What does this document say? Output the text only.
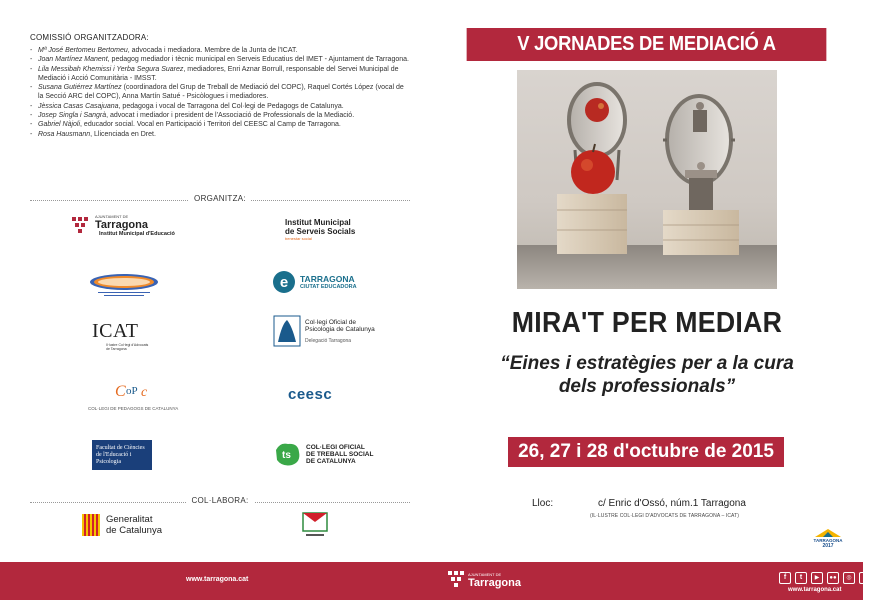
COMISSIÓ ORGANITZADORA:
- Mª José Bertomeu Bertomeu, advocada i mediadora. Membre de la Junta de l'ICAT.
- Joan Martínez Manent, pedagog mediador i tècnic municipal en Serveis Educatius del IMET - Ajuntament de Tarragona.
- Lila Messibah Khemissi i Yerba Segura Suarez, mediadores, Enri Aznar Borrull, responsable del Servei Municipal de Mediació i Acció Comunitària - IMSST.
- Susana Gutiérrez Martínez (coordinadora del Grup de Treball de Mediació del COPC), Raquel Cortés López (vocal de la Secció ARC del COPC), Anna Martín Satué - Psicòlogues i mediadores.
- Jèssica Casas Casajuana, pedagoga i vocal de Tarragona del Col·legi de Pedagogs de Catalunya.
- Josep Singla i Sangrà, advocat i mediador i president de l'Associació de Professionals de la Mediació.
- Gabriel Nàjoli, educador social. Vocal en Participació i Territori del CEESC al Camp de Tarragona.
- Rosa Hausmann, Llicenciada en Dret.
ORGANITZA:
AJUNTAMENT DE
Tarragona
Institut Municipal d'Educació
Institut Municipal
de Serveis Socials
benestar social
e TARRAGONA
CIUTAT EDUCADORA
ICAT
Il·lustre Col·legi d'Advocats de Tarragona
Col·legi Oficial de
Psicologia de Catalunya
Delegació Tarragona
C oP c
COL·LEGI DE PEDAGOGS DE CATALUNYA
ceesc
Facultat de Ciències de l'Educació i Psicologia
ts
COL·LEGI OFICIAL
DE TREBALL SOCIAL
DE CATALUNYA
COL·LABORA:
Generalitat
de Catalunya
V JORNADES DE MEDIACIÓ A
MIRA'T PER MEDIAR
“Eines i estratègies per a la cura
dels professionals”
26, 27 i 28 d'octubre de 2015
Lloc:	c/ Enric d'Ossó, núm.1 Tarragona
(IL·LUSTRE COL·LEGI D'ADVOCATS DE TARRAGONA – ICAT)
TARRAGONA
2017
www.tarragona.cat
AJUNTAMENT DE
Tarragona	f	t	▶	●●	◎	p
www.tarragona.cat
